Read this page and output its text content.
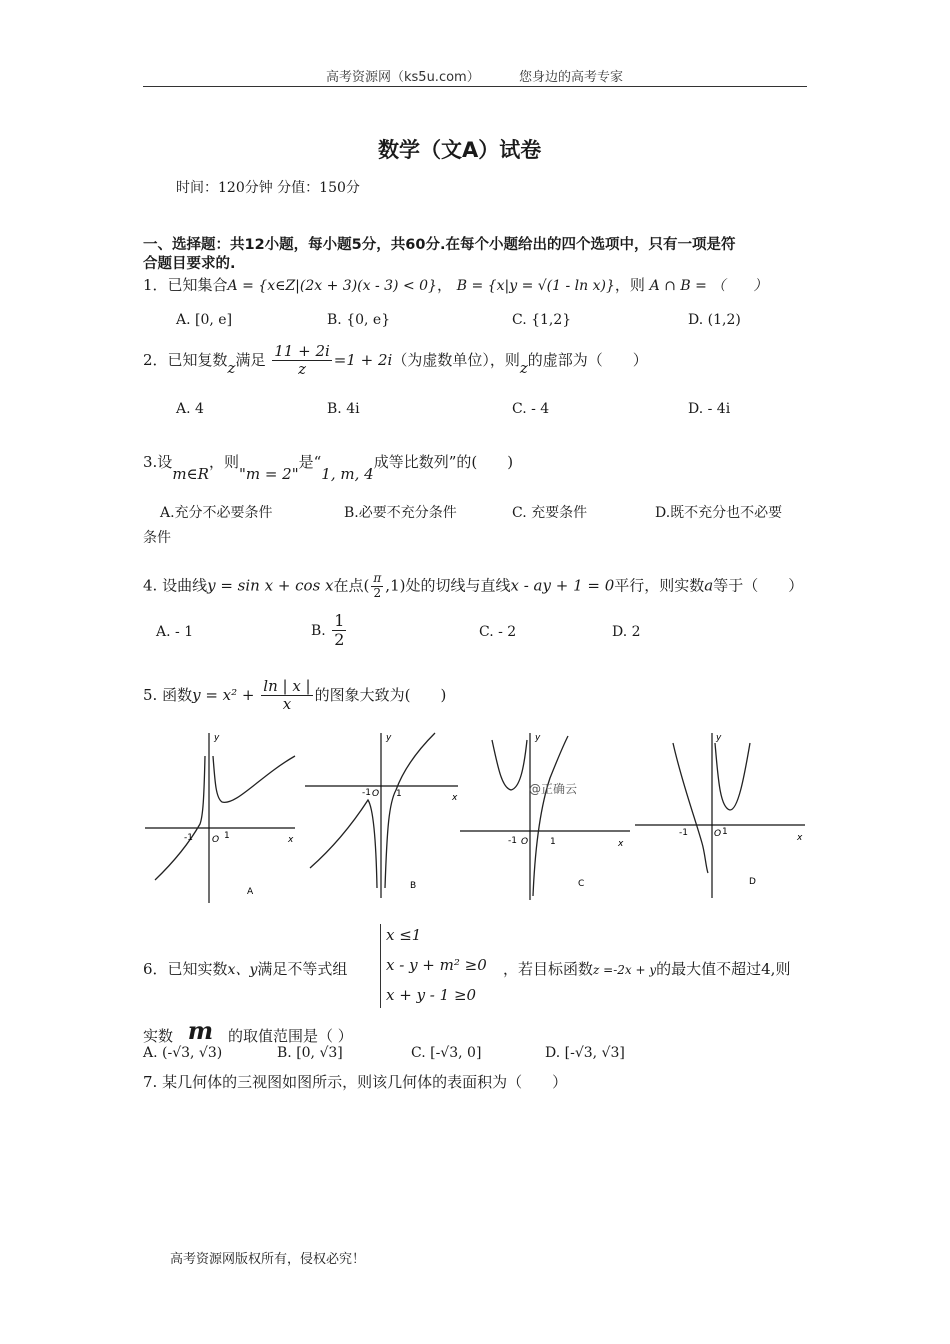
高考资源网（ks5u.com）	您身边的高考专家
数学（文A）试卷
时间：120分钟 分值：150分
一、选择题：共12小题，每小题5分，共60分.在每个小题给出的四个选项中，只有一项是符
合题目要求的.
1．已知集合A = {x∈Z|(2x + 3)(x - 3) < 0}， B = {x|y = √(1 - ln x)}，则 A ∩ B = （　　）
A. [0, e]	B. {0, e}	C. {1,2}	D. (1,2)
2．已知复数z满足 $\frac{11 + 2i}{z} =1 + 2i$（为虚数单位），则z的虚部为（　　）
A. 4	B. 4i	C. - 4	D. - 4i
3.设m∈R，则"m = 2"是“1, m, 4成等比数列”的(　　)
A.充分不必要条件	B.必要不充分条件	C. 充要条件	D.既不充分也不必要
条件
4. 设曲线y = sin x + cos x在点( $\frac{\pi}{2} ,1$)处的切线与直线x - ay + 1 = 0平行，则实数a等于（　　）
A. - 1	B. $\frac{1}{2}$	C. - 2	D. 2
5. 函数$y = x^2 + \frac{\ln | x |}{x}$ 的图象大致为(　　)
-1 O 1	x
y
A
-1 O 1	x
y
B
-1 O 1	x
y
C
@正确云
-1	O 1
x
y
D
6．已知实数x、y满足不等式组
x ≤1
x - y + m² ≥0
x + y - 1 ≥0
，若目标函数z =-2x + y的最大值不超过4,则
实数 m 的取值范围是（ ）
A. (-√3, √3)	B. [0, √3]	C. [-√3, 0]	D. [-√3, √3]
7. 某几何体的三视图如图所示，则该几何体的表面积为（　　）
高考资源网版权所有，侵权必究！
